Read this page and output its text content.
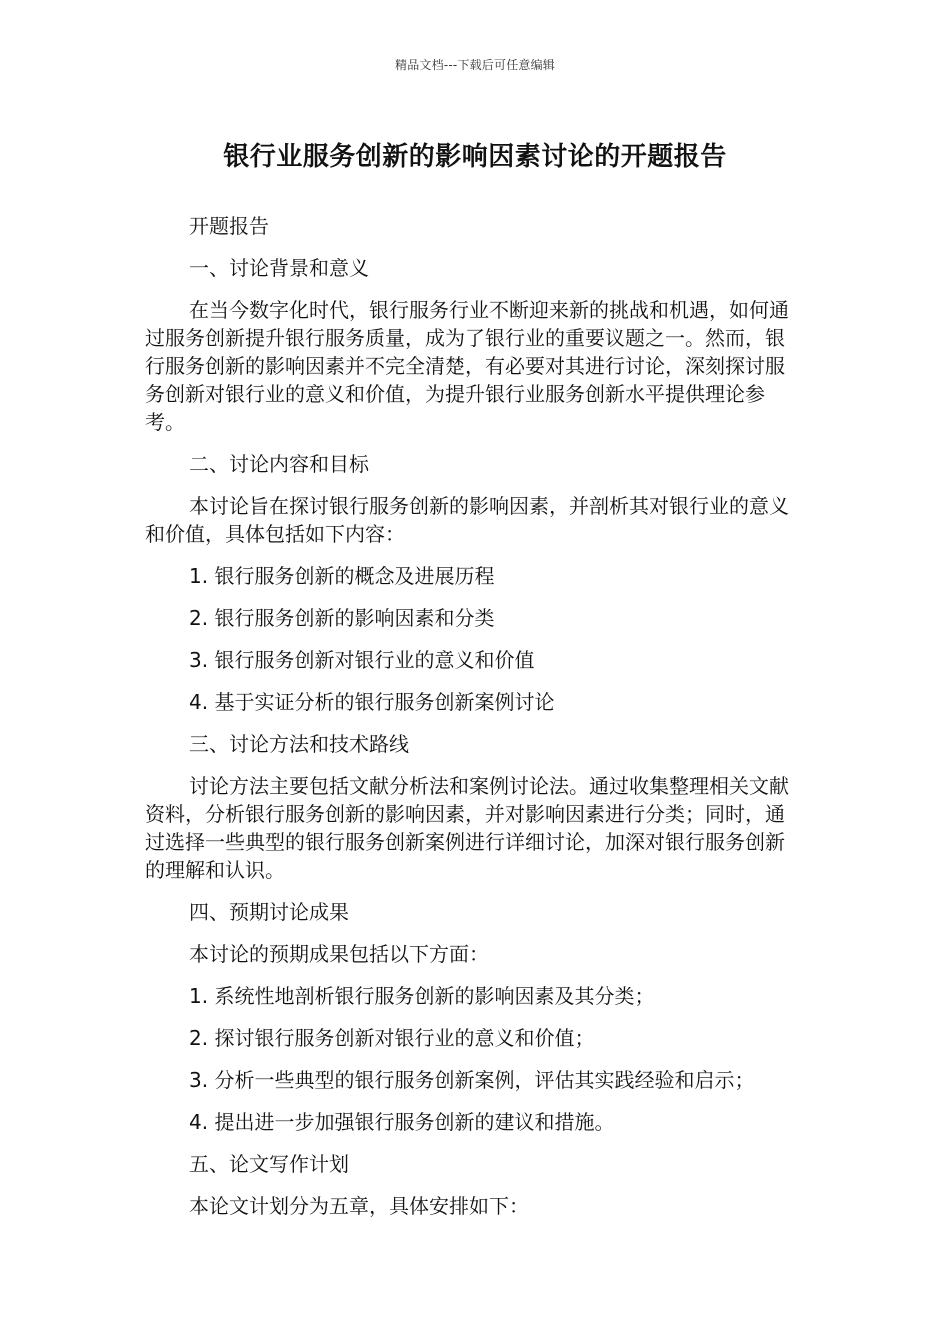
精品文档---下载后可任意编辑
银行业服务创新的影响因素讨论的开题报告

开题报告

一、讨论背景和意义

在当今数字化时代，银行服务行业不断迎来新的挑战和机遇，如何通过服务创新提升银行服务质量，成为了银行业的重要议题之一。然而，银行服务创新的影响因素并不完全清楚，有必要对其进行讨论，深刻探讨服务创新对银行业的意义和价值，为提升银行业服务创新水平提供理论参考。

二、讨论内容和目标

本讨论旨在探讨银行服务创新的影响因素，并剖析其对银行业的意义和价值，具体包括如下内容：

1. 银行服务创新的概念及进展历程

2. 银行服务创新的影响因素和分类

3. 银行服务创新对银行业的意义和价值

4. 基于实证分析的银行服务创新案例讨论

三、讨论方法和技术路线

讨论方法主要包括文献分析法和案例讨论法。通过收集整理相关文献资料，分析银行服务创新的影响因素，并对影响因素进行分类；同时，通过选择一些典型的银行服务创新案例进行详细讨论，加深对银行服务创新的理解和认识。

四、预期讨论成果

本讨论的预期成果包括以下方面：

1. 系统性地剖析银行服务创新的影响因素及其分类；

2. 探讨银行服务创新对银行业的意义和价值；

3. 分析一些典型的银行服务创新案例，评估其实践经验和启示；

4. 提出进一步加强银行服务创新的建议和措施。

五、论文写作计划

本论文计划分为五章，具体安排如下：
